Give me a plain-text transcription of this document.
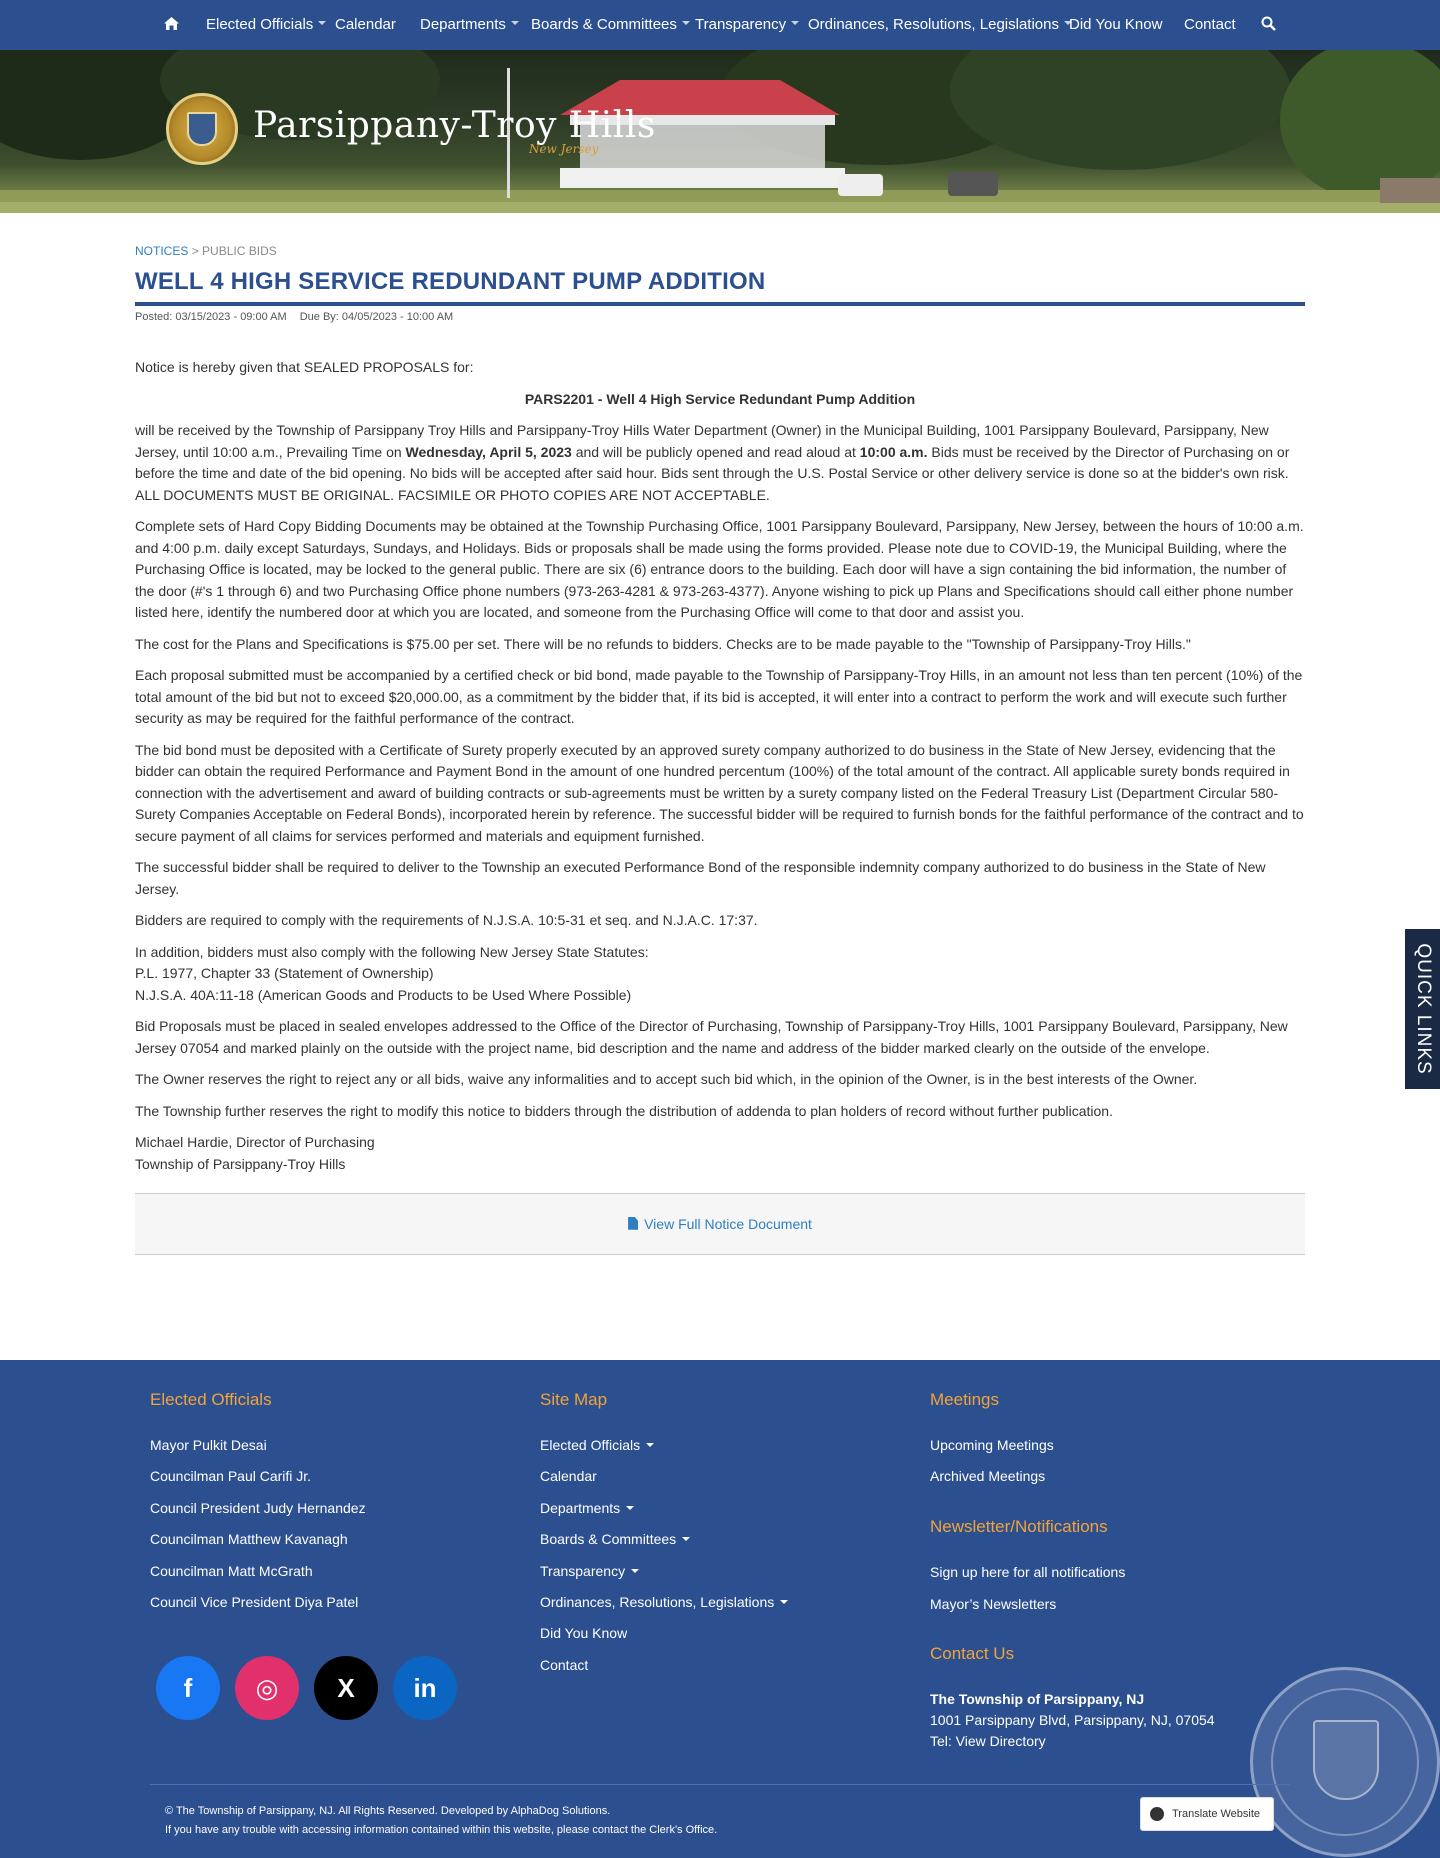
Elected Officials	Calendar Departments	Boards & Committees	Transparency	Ordinances, Resolutions, Legislations Did You Know Contact
Parsippany-Troy Hills
New Jersey
NOTICES > PUBLIC BIDS
WELL 4 HIGH SERVICE REDUNDANT PUMP ADDITION
Posted: 03/15/2023 - 09:00 AM Due By: 04/05/2023 - 10:00 AM

Notice is hereby given that SEALED PROPOSALS for:

PARS2201 - Well 4 High Service Redundant Pump Addition

will be received by the Township of Parsippany Troy Hills and Parsippany-Troy Hills Water Department (Owner) in the Municipal Building, 1001 Parsippany Boulevard, Parsippany, New Jersey, until 10:00 a.m., Prevailing Time on Wednesday, April 5, 2023 and will be publicly opened and read aloud at 10:00 a.m. Bids must be received by the Director of Purchasing on or before the time and date of the bid opening. No bids will be accepted after said hour. Bids sent through the U.S. Postal Service or other delivery service is done so at the bidder's own risk. ALL DOCUMENTS MUST BE ORIGINAL. FACSIMILE OR PHOTO COPIES ARE NOT ACCEPTABLE.

Complete sets of Hard Copy Bidding Documents may be obtained at the Township Purchasing Office, 1001 Parsippany Boulevard, Parsippany, New Jersey, between the hours of 10:00 a.m. and 4:00 p.m. daily except Saturdays, Sundays, and Holidays. Bids or proposals shall be made using the forms provided. Please note due to COVID-19, the Municipal Building, where the Purchasing Office is located, may be locked to the general public. There are six (6) entrance doors to the building. Each door will have a sign containing the bid information, the number of the door (#'s 1 through 6) and two Purchasing Office phone numbers (973-263-4281 & 973-263-4377). Anyone wishing to pick up Plans and Specifications should call either phone number listed here, identify the numbered door at which you are located, and someone from the Purchasing Office will come to that door and assist you.

The cost for the Plans and Specifications is $75.00 per set. There will be no refunds to bidders. Checks are to be made payable to the "Township of Parsippany-Troy Hills."

Each proposal submitted must be accompanied by a certified check or bid bond, made payable to the Township of Parsippany-Troy Hills, in an amount not less than ten percent (10%) of the total amount of the bid but not to exceed $20,000.00, as a commitment by the bidder that, if its bid is accepted, it will enter into a contract to perform the work and will execute such further security as may be required for the faithful performance of the contract.

The bid bond must be deposited with a Certificate of Surety properly executed by an approved surety company authorized to do business in the State of New Jersey, evidencing that the bidder can obtain the required Performance and Payment Bond in the amount of one hundred percentum (100%) of the total amount of the contract. All applicable surety bonds required in connection with the advertisement and award of building contracts or sub-agreements must be written by a surety company listed on the Federal Treasury List (Department Circular 580-Surety Companies Acceptable on Federal Bonds), incorporated herein by reference. The successful bidder will be required to furnish bonds for the faithful performance of the contract and to secure payment of all claims for services performed and materials and equipment furnished.

The successful bidder shall be required to deliver to the Township an executed Performance Bond of the responsible indemnity company authorized to do business in the State of New Jersey.

Bidders are required to comply with the requirements of N.J.S.A. 10:5-31 et seq. and N.J.A.C. 17:37.

In addition, bidders must also comply with the following New Jersey State Statutes:
P.L. 1977, Chapter 33 (Statement of Ownership)
N.J.S.A. 40A:11-18 (American Goods and Products to be Used Where Possible)

Bid Proposals must be placed in sealed envelopes addressed to the Office of the Director of Purchasing, Township of Parsippany-Troy Hills, 1001 Parsippany Boulevard, Parsippany, New Jersey 07054 and marked plainly on the outside with the project name, bid description and the name and address of the bidder marked clearly on the outside of the envelope.

The Owner reserves the right to reject any or all bids, waive any informalities and to accept such bid which, in the opinion of the Owner, is in the best interests of the Owner.

The Township further reserves the right to modify this notice to bidders through the distribution of addenda to plan holders of record without further publication.

Michael Hardie, Director of Purchasing
Township of Parsippany-Troy Hills

View Full Notice Document
QUICK LINKS
Elected Officials
Mayor Pulkit Desai
Councilman Paul Carifi Jr.
Council President Judy Hernandez
Councilman Matthew Kavanagh
Councilman Matt McGrath
Council Vice President Diya Patel
f	◎	X	in
Site Map
Elected Officials
Calendar
Departments
Boards & Committees
Transparency
Ordinances, Resolutions, Legislations
Did You Know
Contact
Meetings
Upcoming Meetings
Archived Meetings
Newsletter/Notifications
Sign up here for all notifications
Mayor’s Newsletters
Contact Us
The Township of Parsippany, NJ
1001 Parsippany Blvd, Parsippany, NJ, 07054
Tel: View Directory
© The Township of Parsippany, NJ. All Rights Reserved. Developed by AlphaDog Solutions.
If you have any trouble with accessing information contained within this website, please contact the Clerk's Office.
Translate Website
